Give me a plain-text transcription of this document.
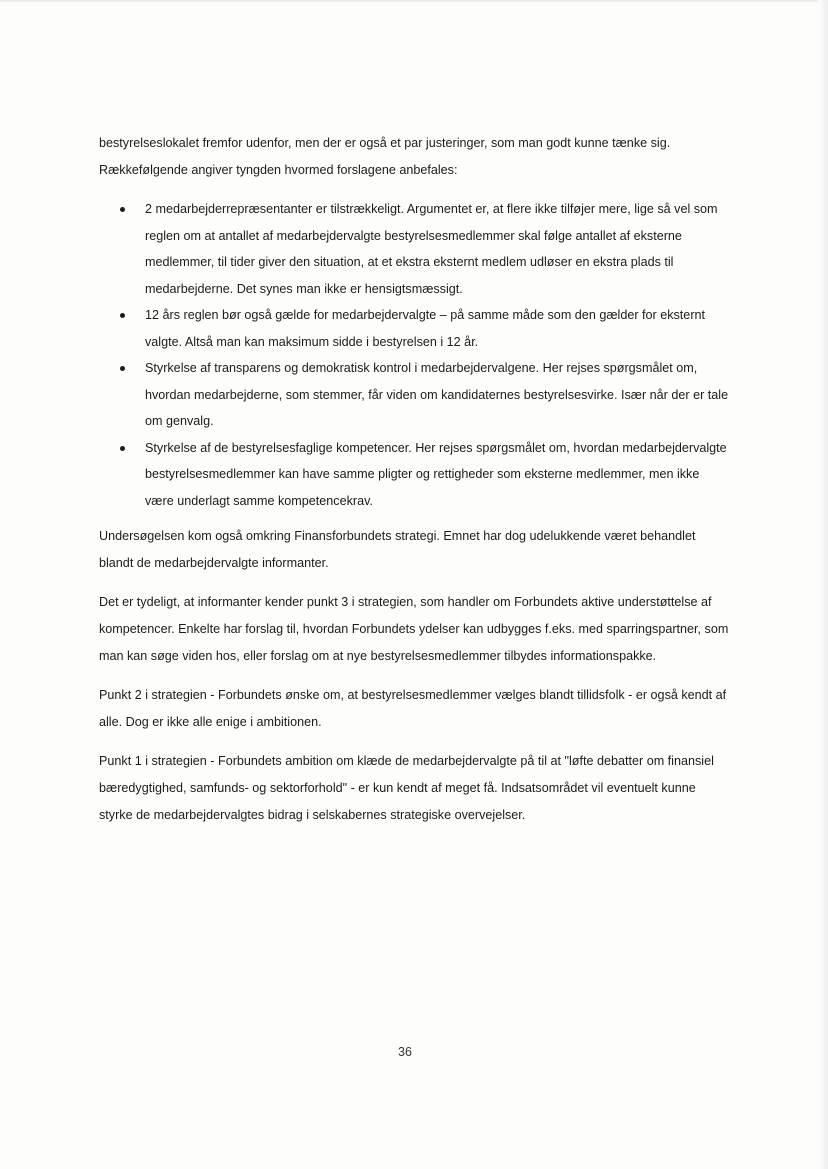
bestyrelseslokalet fremfor udenfor, men der er også et par justeringer, som man godt kunne tænke sig.

Rækkefølgende angiver tyngden hvormed forslagene anbefales:

2 medarbejderrepræsentanter er tilstrækkeligt. Argumentet er, at flere ikke tilføjer mere, lige så vel som reglen om at antallet af medarbejdervalgte bestyrelsesmedlemmer skal følge antallet af eksterne medlemmer, til tider giver den situation, at et ekstra eksternt medlem udløser en ekstra plads til medarbejderne. Det synes man ikke er hensigtsmæssigt.
12 års reglen bør også gælde for medarbejdervalgte – på samme måde som den gælder for eksternt valgte. Altså man kan maksimum sidde i bestyrelsen i 12 år.
Styrkelse af transparens og demokratisk kontrol i medarbejdervalgene. Her rejses spørgsmålet om, hvordan medarbejderne, som stemmer, får viden om kandidaternes bestyrelsesvirke. Især når der er tale om genvalg.
Styrkelse af de bestyrelsesfaglige kompetencer. Her rejses spørgsmålet om, hvordan medarbejdervalgte bestyrelsesmedlemmer kan have samme pligter og rettigheder som eksterne medlemmer, men ikke være underlagt samme kompetencekrav.

Undersøgelsen kom også omkring Finansforbundets strategi. Emnet har dog udelukkende været behandlet blandt de medarbejdervalgte informanter.

Det er tydeligt, at informanter kender punkt 3 i strategien, som handler om Forbundets aktive understøttelse af kompetencer. Enkelte har forslag til, hvordan Forbundets ydelser kan udbygges f.eks. med sparringspartner, som man kan søge viden hos, eller forslag om at nye bestyrelsesmedlemmer tilbydes informationspakke.

Punkt 2 i strategien - Forbundets ønske om, at bestyrelsesmedlemmer vælges blandt tillidsfolk - er også kendt af alle. Dog er ikke alle enige i ambitionen.

Punkt 1 i strategien - Forbundets ambition om klæde de medarbejdervalgte på til at "løfte debatter om finansiel bæredygtighed, samfunds- og sektorforhold" - er kun kendt af meget få. Indsatsområdet vil eventuelt kunne styrke de medarbejdervalgtes bidrag i selskabernes strategiske overvejelser.

36
